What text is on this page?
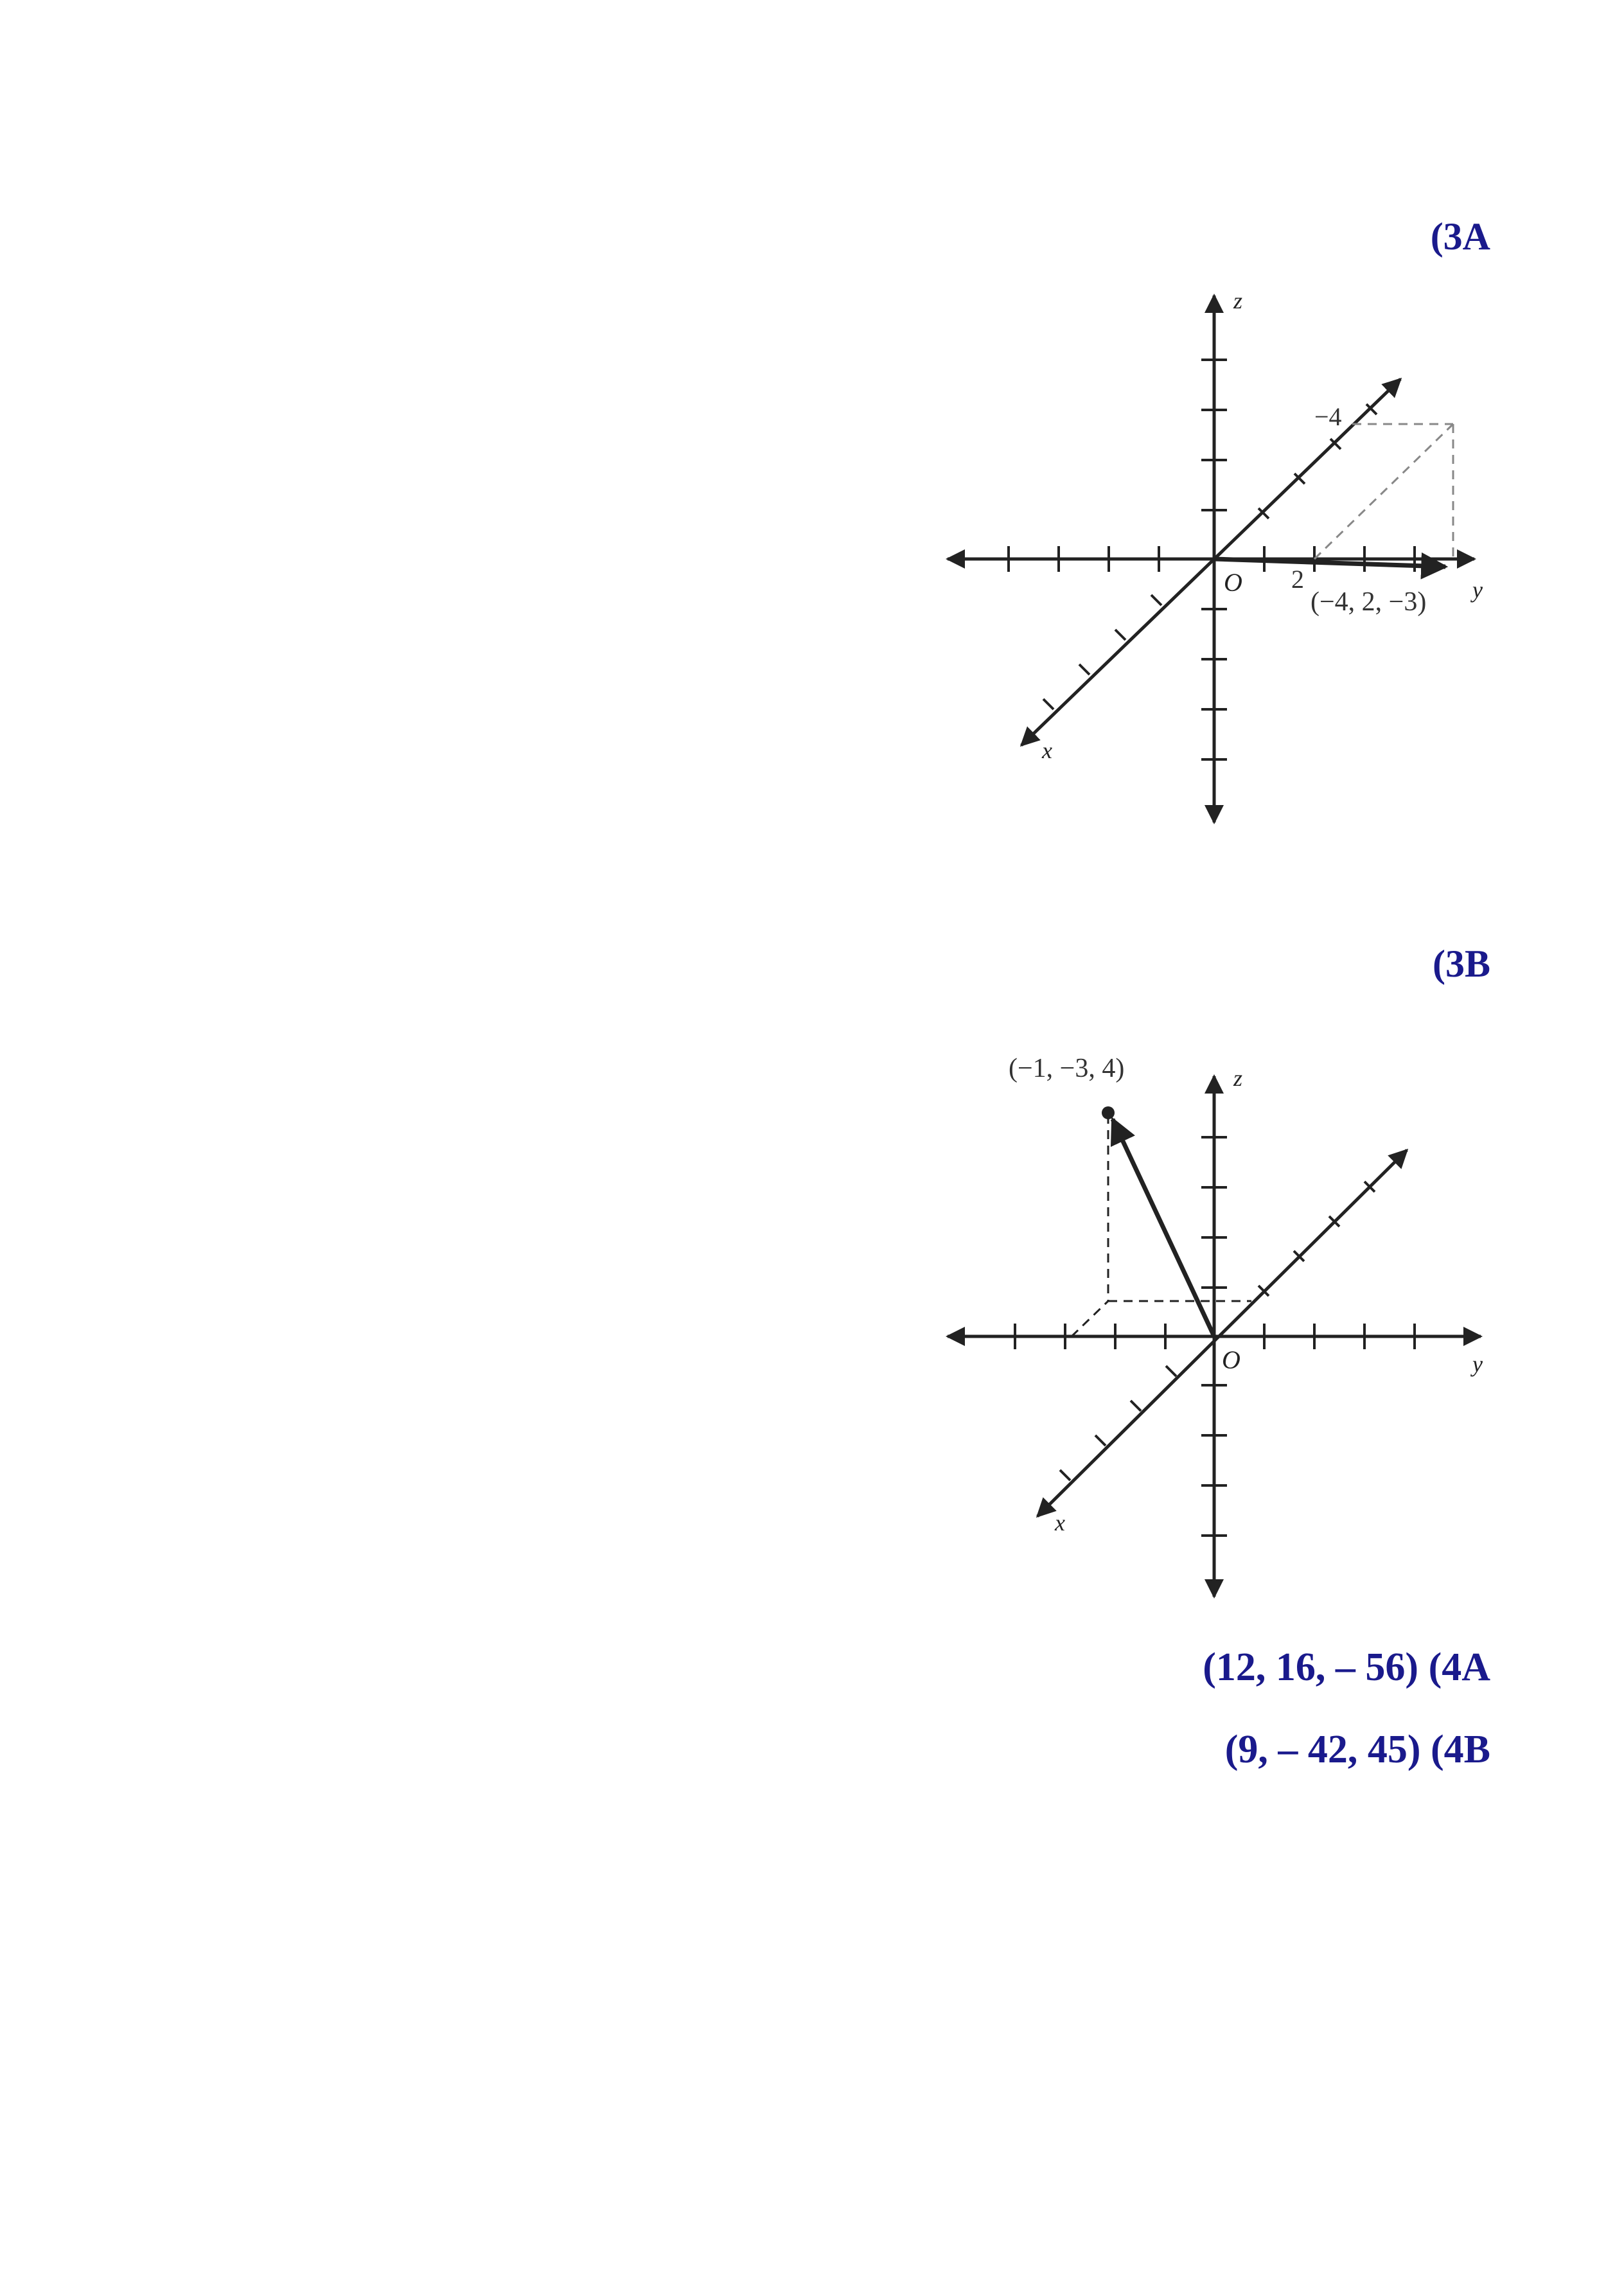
(3A
z
y
x
O 2
−4
(−4, 2, −3)
(3B
z
y
x
O
(−1, −3, 4)
(12, 16, – 56) (4A
(9, – 42, 45) (4B
